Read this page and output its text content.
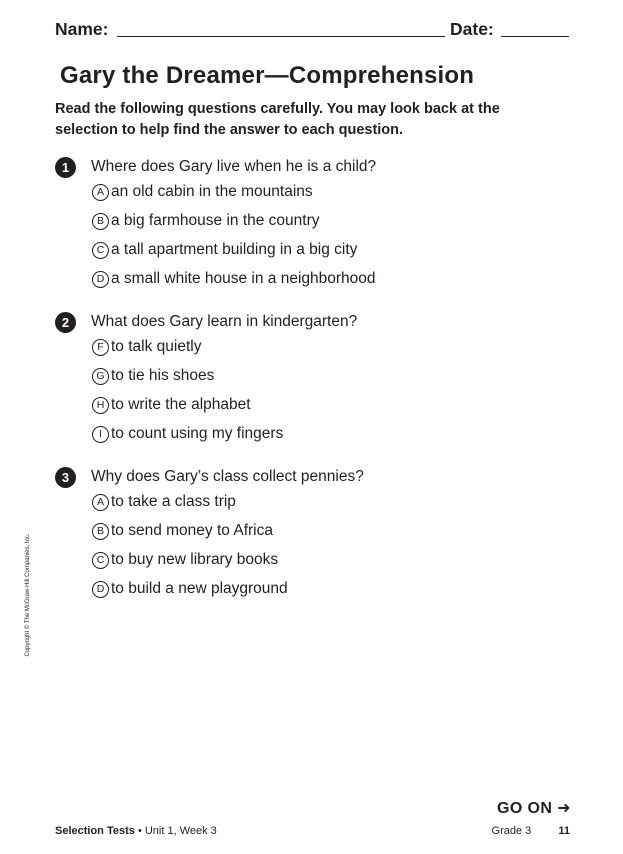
Name:	Date:
Gary the Dreamer—Comprehension

Read the following questions carefully. You may look back at the selection to help find the answer to each question.

1	Where does Gary live when he is a child?
A an old cabin in the mountains
B a big farmhouse in the country
C a tall apartment building in a big city
D a small white house in a neighborhood
2	What does Gary learn in kindergarten?
F to talk quietly
G to tie his shoes
H to write the alphabet
I to count using my fingers
3	Why does Gary’s class collect pennies?
A to take a class trip
B to send money to Africa
C to buy new library books
D to build a new playground
Copyright © The McGraw-Hill Companies, Inc.
GO ON ➜
Selection Tests • Unit 1, Week 3	Grade 3 11
